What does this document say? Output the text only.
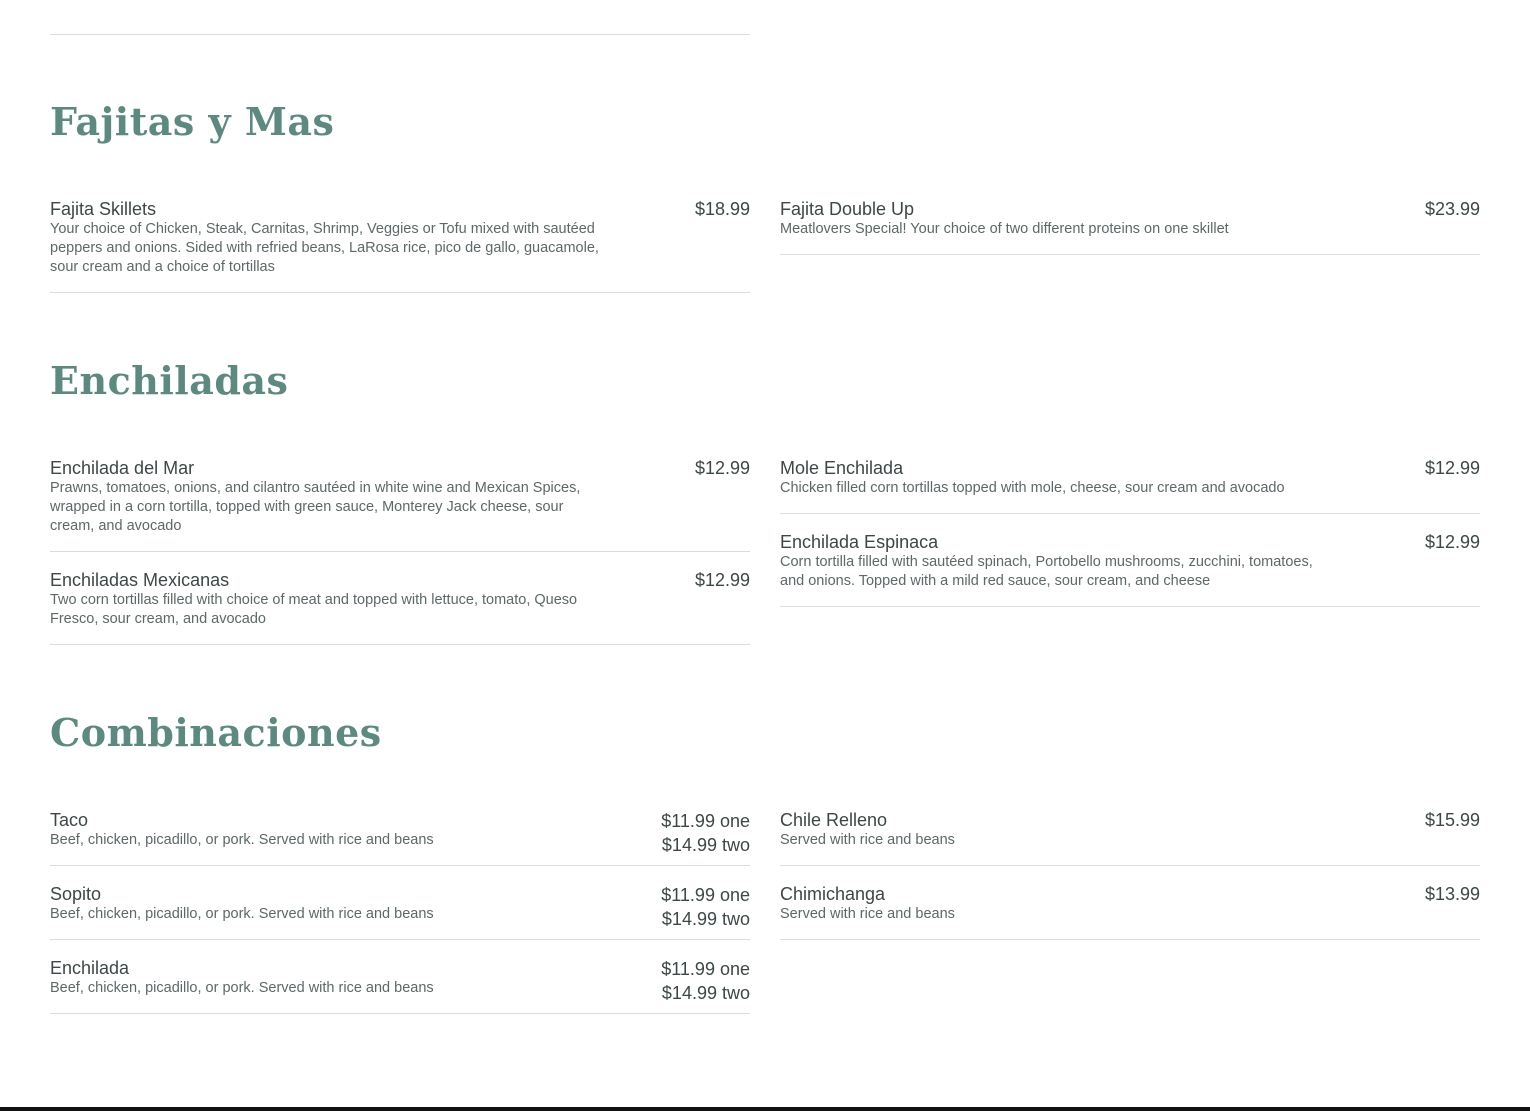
Fajitas y Mas
Fajita Skillets	$18.99
Your choice of Chicken, Steak, Carnitas, Shrimp, Veggies or Tofu mixed with sautéed peppers and onions. Sided with refried beans, LaRosa rice, pico de gallo, guacamole, sour cream and a choice of tortillas
Fajita Double Up	$23.99
Meatlovers Special! Your choice of two different proteins on one skillet
Enchiladas
Enchilada del Mar	$12.99
Prawns, tomatoes, onions, and cilantro sautéed in white wine and Mexican Spices, wrapped in a corn tortilla, topped with green sauce, Monterey Jack cheese, sour cream, and avocado
Enchiladas Mexicanas	$12.99
Two corn tortillas filled with choice of meat and topped with lettuce, tomato, Queso Fresco, sour cream, and avocado
Mole Enchilada	$12.99
Chicken filled corn tortillas topped with mole, cheese, sour cream and avocado
Enchilada Espinaca	$12.99
Corn tortilla filled with sautéed spinach, Portobello mushrooms, zucchini, tomatoes, and onions. Topped with a mild red sauce, sour cream, and cheese
Combinaciones
Taco	$11.99 one
$14.99 two
Beef, chicken, picadillo, or pork. Served with rice and beans
Sopito	$11.99 one
$14.99 two
Beef, chicken, picadillo, or pork. Served with rice and beans
Enchilada	$11.99 one
$14.99 two
Beef, chicken, picadillo, or pork. Served with rice and beans
Chile Relleno	$15.99
Served with rice and beans
Chimichanga	$13.99
Served with rice and beans
